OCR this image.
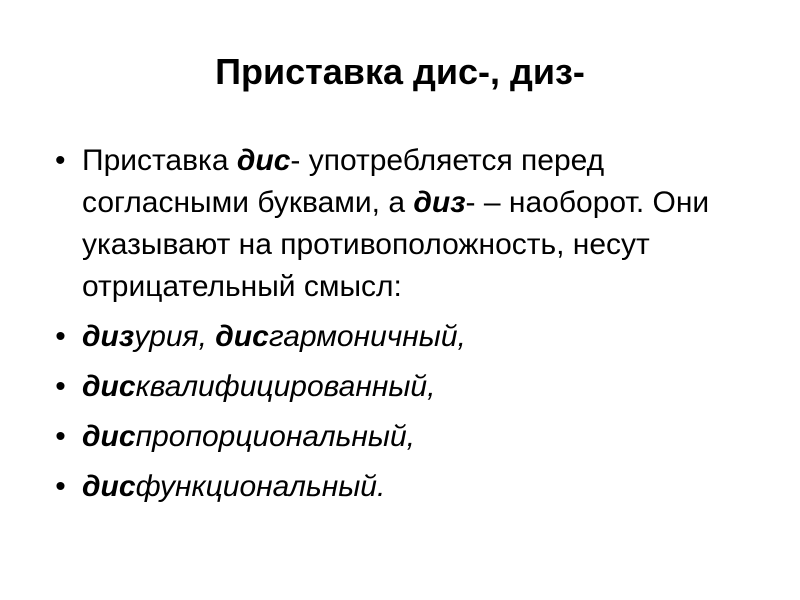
Приставка дис-, диз-
• Приставка дис- употребляется перед согласными буквами, а диз- – наоборот. Они указывают на противоположность, несут отрицательный смысл:
• дизурия, дисгармоничный,
• дисквалифицированный,
• диспропорциональный,
• дисфункциональный.
